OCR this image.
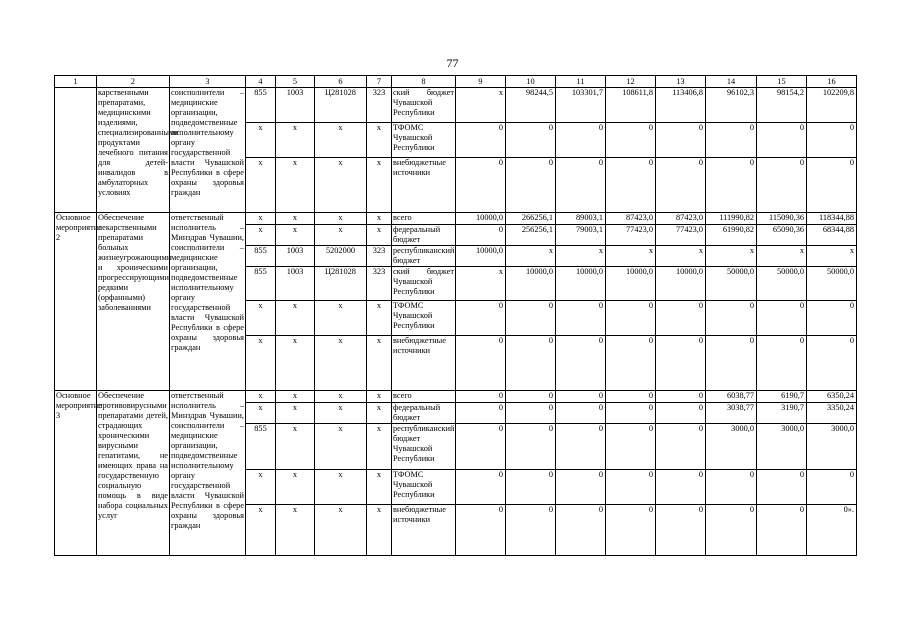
77
1	2	3	4	5	6	7	8	9	10	11	12	13	14	15	16
	карственными препаратами, медицинскими изделиями, специализированными продуктами лечебного питания для детей-инвалидов в амбулаторных условиях	соисполнители – медицинские организации, подведомственные исполнительному органу государственной власти Чувашской Республики в сфере охраны здоровья граждан	855	1003	Ц281028	323	ский бюджет Чувашской Республики	х	98244,5	103301,7	108611,8	113406,8	96102,3	98154,2	102209,8
			х	х	х	х	ТФОМС Чувашской Республики	0	0	0	0	0	0	0	0
			х	х	х	х	внебюджетные источники	0	0	0	0	0	0	0	0
Основное мероприятие 2	Обеспечение лекарственными препаратами больных жизнеугрожающими и хроническими прогрессирующими редкими (орфанными) заболеваниями	ответственный исполнитель – Минздрав Чувашии, соисполнители – медицинские организации, подведомственные исполнительному органу государственной власти Чувашской Республики в сфере охраны здоровья граждан	х	х	х	х	всего	10000,0	266256,1	89003,1	87423,0	87423,0	111990,82	115090,36	118344,88
			х	х	х	х	федеральный бюджет	0	256256,1	79003,1	77423,0	77423,0	61990,82	65090,36	68344,88
			855	1003	5202000	323	республиканский бюджет	10000,0	х	х	х	х	х	х	х
			855	1003	Ц281028	323	ский бюджет Чувашской Республики	х	10000,0	10000,0	10000,0	10000,0	50000,0	50000,0	50000,0
			х	х	х	х	ТФОМС Чувашской Республики	0	0	0	0	0	0	0	0
			х	х	х	х	внебюджетные источники	0	0	0	0	0	0	0	0
Основное мероприятие 3	Обеспечение противовирусными препаратами детей, страдающих хроническими вирусными гепатитами, не имеющих права на государственную социальную помощь в виде набора социальных услуг	ответственный исполнитель – Минздрав Чувашии, соисполнители – медицинские организации, подведомственные исполнительному органу государственной власти Чувашской Республики в сфере охраны здоровья граждан	х	х	х	х	всего	0	0	0	0	0	6038,77	6190,7	6350,24
			х	х	х	х	федеральный бюджет	0	0	0	0	0	3038,77	3190,7	3350,24
			855	х	х	х	республиканский бюджет Чувашской Республики	0	0	0	0	0	3000,0	3000,0	3000,0
			х	х	х	х	ТФОМС Чувашской Республики	0	0	0	0	0	0	0	0
			х	х	х	х	внебюджетные источники	0	0	0	0	0	0	0	0».
